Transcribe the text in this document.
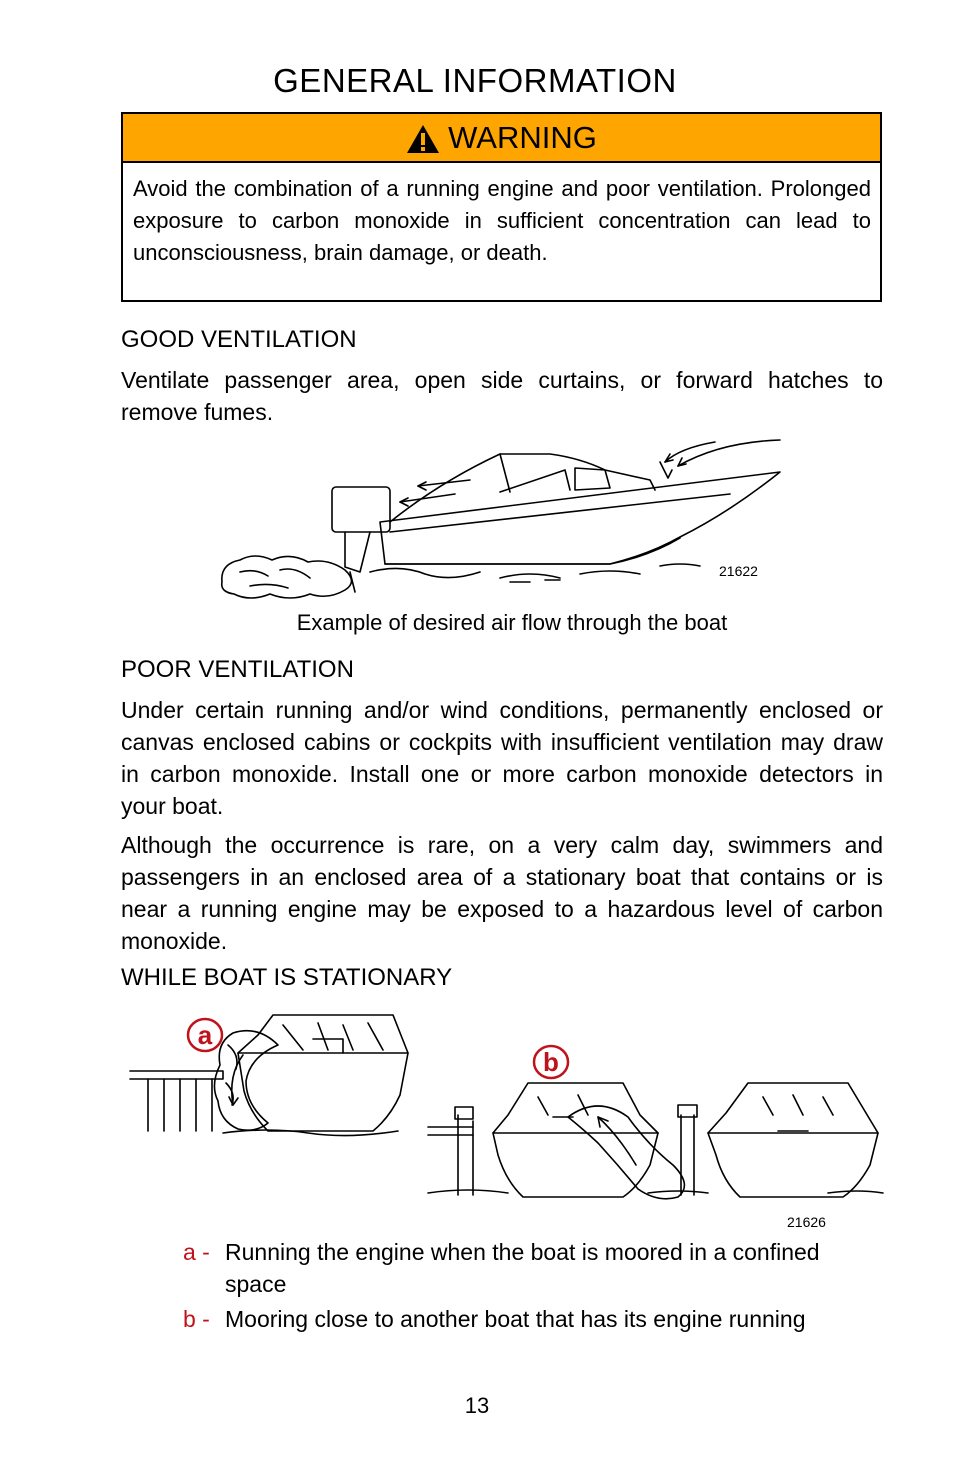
GENERAL INFORMATION
WARNING
Avoid the combination of a running engine and poor ventilation. Prolonged exposure to carbon monoxide in sufficient concentration can lead to unconsciousness, brain damage, or death.
GOOD VENTILATION
Ventilate passenger area, open side curtains, or forward hatches to remove fumes.
21622
Example of desired air flow through the boat
POOR VENTILATION
Under certain running and/or wind conditions, permanently enclosed or canvas enclosed cabins or cockpits with insufficient ventilation may draw in carbon monoxide. Install one or more carbon monoxide detectors in your boat.
Although the occurrence is rare, on a very calm day, swimmers and passengers in an enclosed area of a stationary boat that contains or is near a running engine may be exposed to a hazardous level of carbon monoxide.
WHILE BOAT IS STATIONARY
a
b
21626
a - Running the engine when the boat is moored in a confined space
b - Mooring close to another boat that has its engine running
13
